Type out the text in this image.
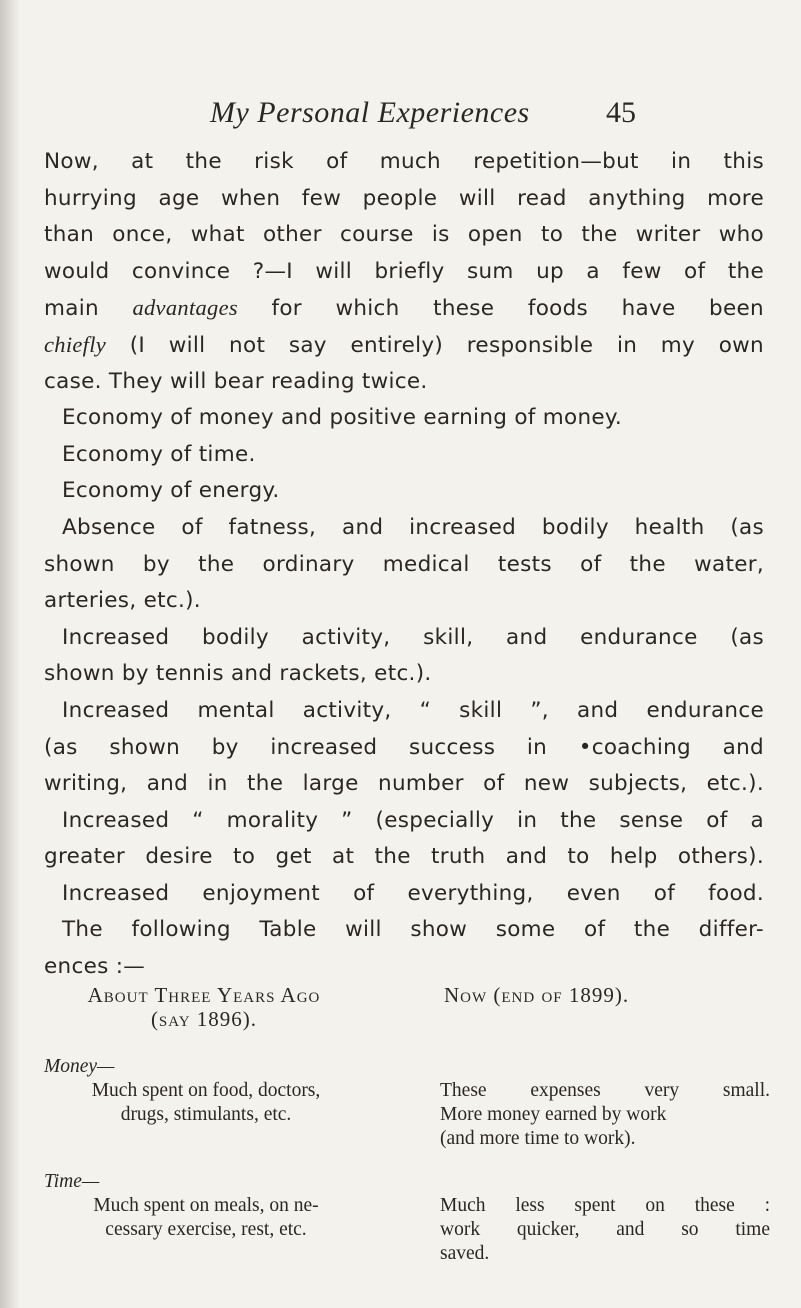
My Personal Experiences	45
Now, at the risk of much repetition—but in this
hurrying age when few people will read anything more
than once, what other course is open to the writer who
would convince ?—I will briefly sum up a few of the
main advantages for which these foods have been
chiefly (I will not say entirely) responsible in my own
case. They will bear reading twice.
Economy of money and positive earning of money.
Economy of time.
Economy of energy.
Absence of fatness, and increased bodily health (as
shown by the ordinary medical tests of the water,
arteries, etc.).
Increased bodily activity, skill, and endurance (as
shown by tennis and rackets, etc.).
Increased mental activity, “ skill ”, and endurance
(as shown by increased success in •coaching and
writing, and in the large number of new subjects, etc.).
Increased “ morality ” (especially in the sense of a
greater desire to get at the truth and to help others).
Increased enjoyment of everything, even of food.
The following Table will show some of the differ-
ences :—
About Three Years Ago
(say 1896).
Now (end of 1899).
Money—
Much spent on food, doctors,
drugs, stimulants, etc.
These expenses very small.
More money earned by work
(and more time to work).
Time—
Much spent on meals, on ne-
cessary exercise, rest, etc.
Much less spent on these :
work quicker, and so time
saved.
